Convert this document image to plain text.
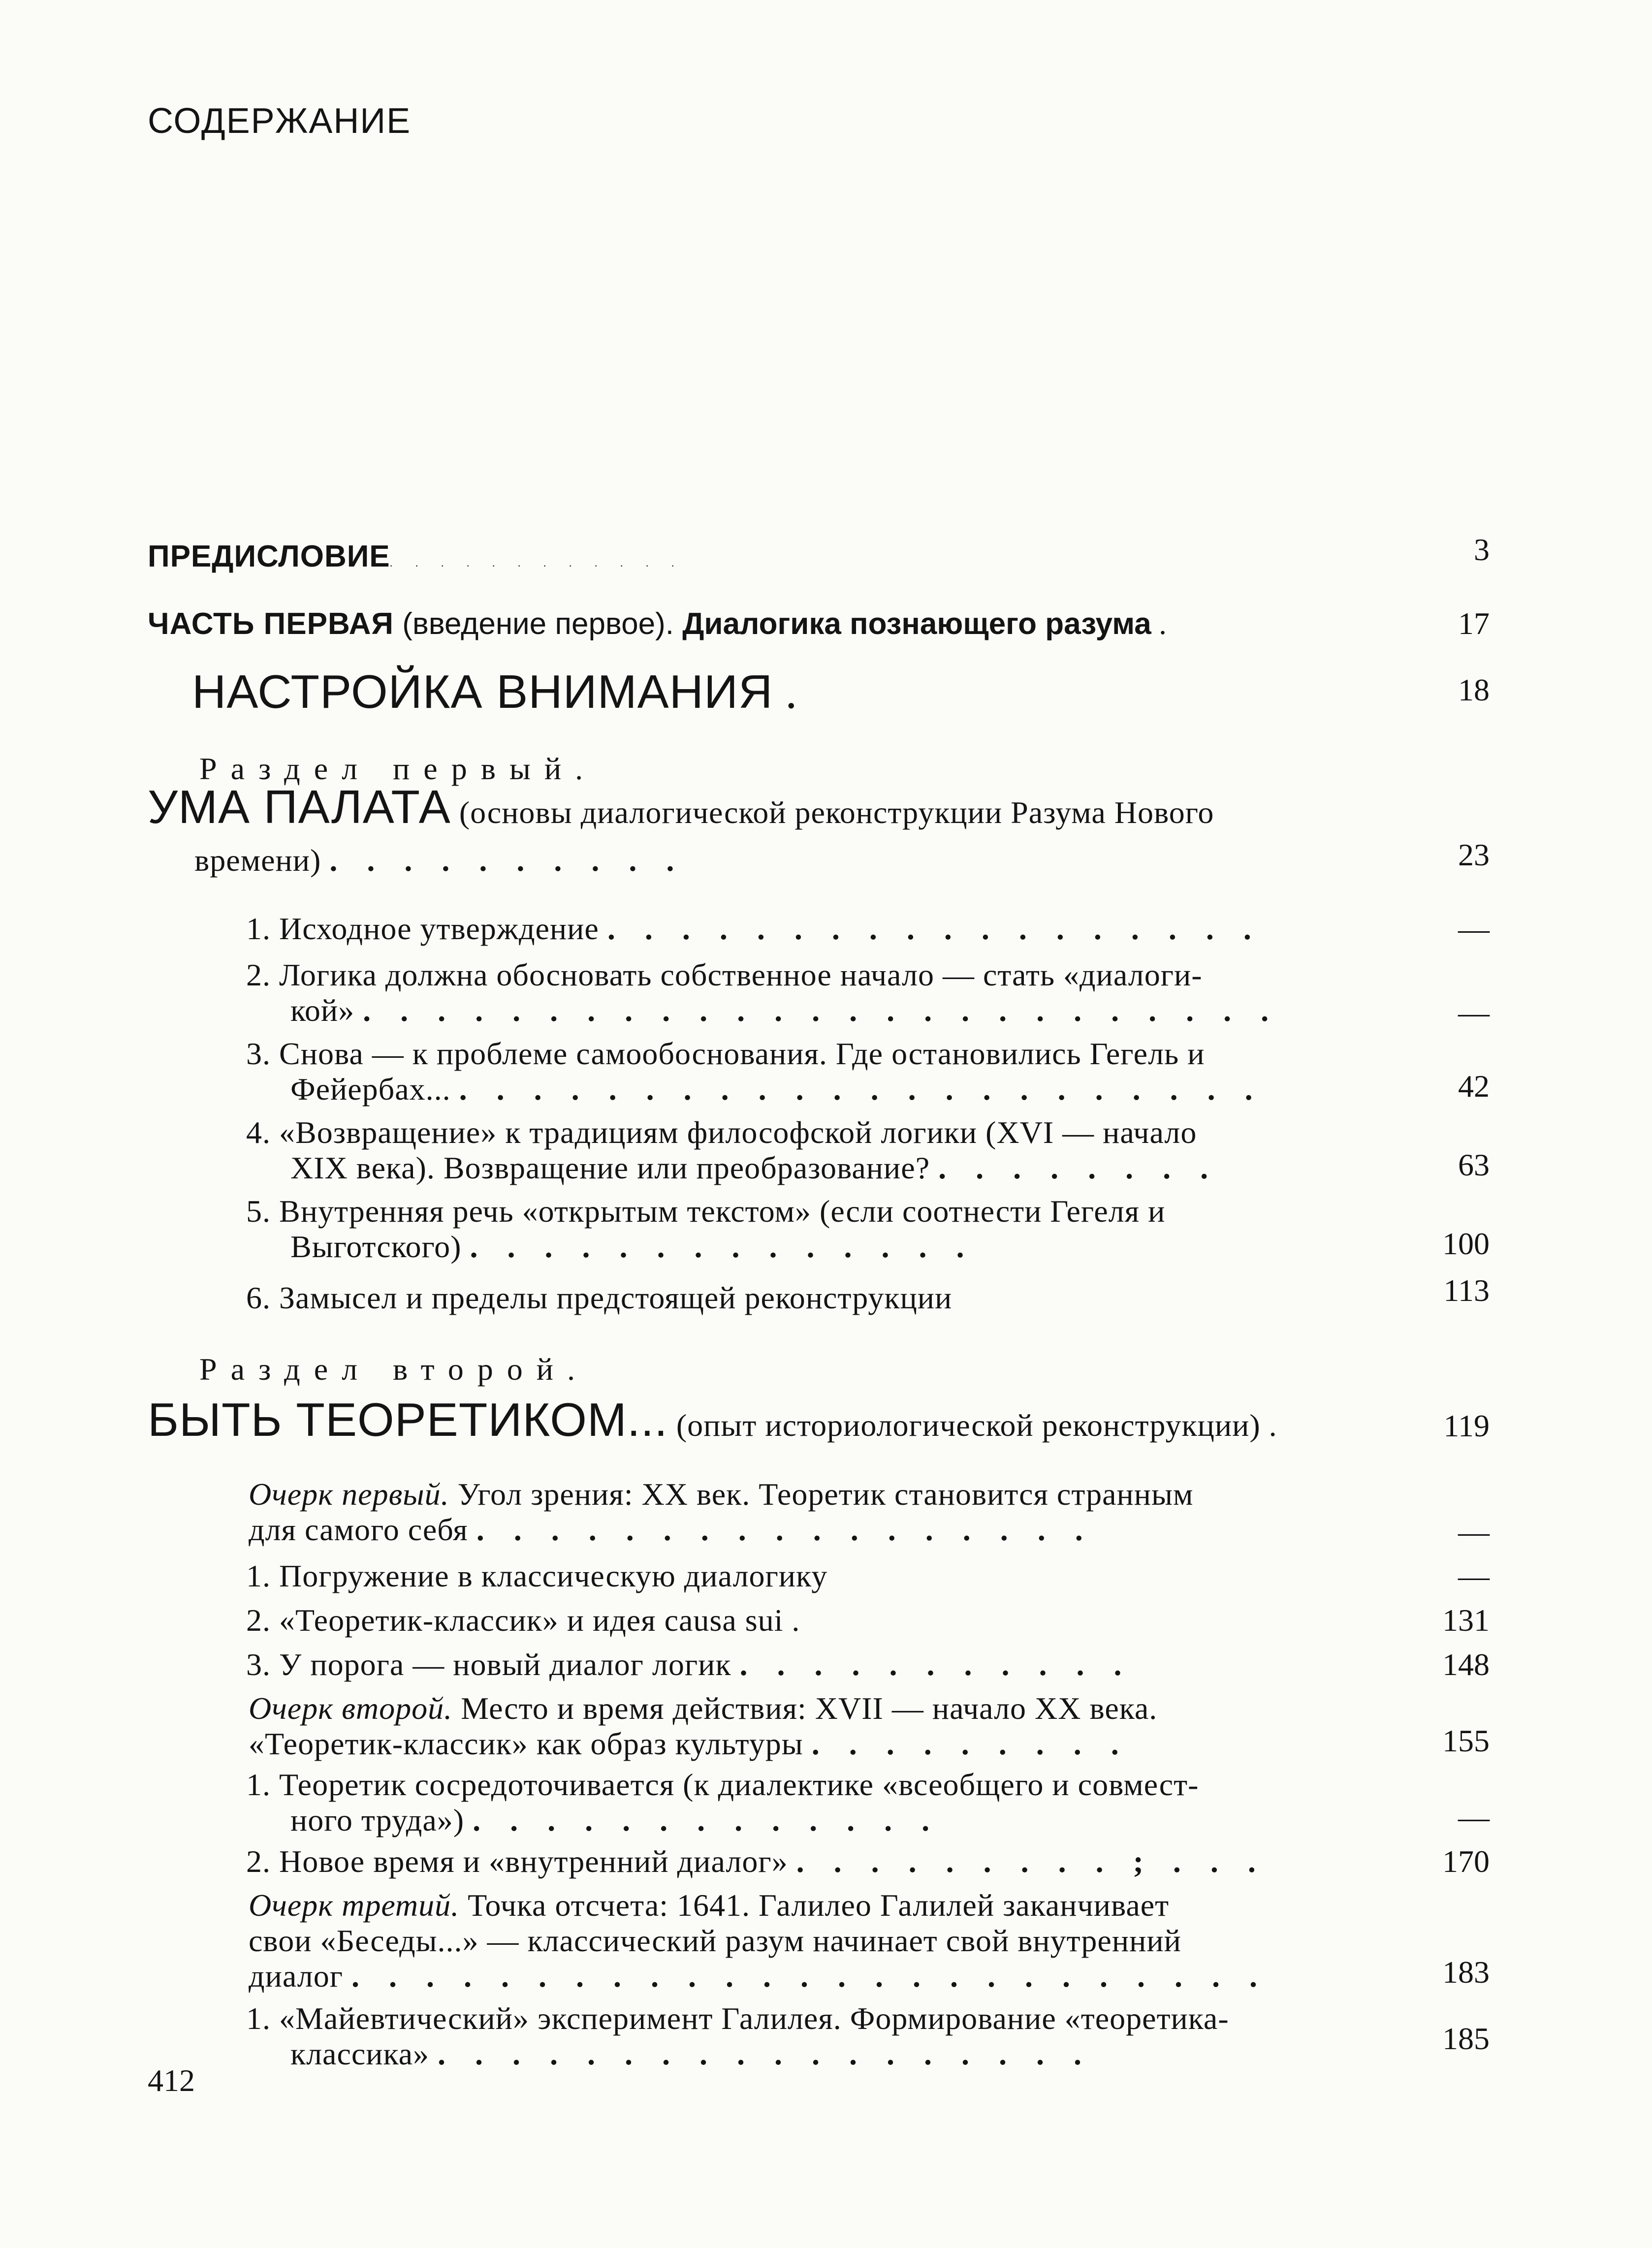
СОДЕРЖАНИЕ
ПРЕДИСЛОВИЕ. . . . . . . . . . . .	3

ЧАСТЬ ПЕРВАЯ (введение первое). Диалогика познающего разума .	17

НАСТРОЙКА ВНИМАНИЯ .	18

Раздел первый.
УМА ПАЛАТА (основы диалогической реконструкции Разума Нового
времени) . . . . . . . . . .	23

1. Исходное утверждение . . . . . . . . . . . . . . . . . .	—

2. Логика должна обосновать собственное начало — стать «диалоги-
кой» . . . . . . . . . . . . . . . . . . . . . . . . .	—

3. Снова — к проблеме самообоснования. Где остановились Гегель и
Фейербах... . . . . . . . . . . . . . . . . . . . . . .	42

4. «Возвращение» к традициям философской логики (XVI — начало
XIX века). Возвращение или преобразование? . . . . . . . .	63

5. Внутренняя речь «открытым текстом» (если соотнести Гегеля и
Выготского) . . . . . . . . . . . . . .	100

6. Замысел и пределы предстоящей реконструкции	113

Раздел второй.
БЫТЬ ТЕОРЕТИКОМ... (опыт историологической реконструкции) .	119

Очерк первый. Угол зрения: XX век. Теоретик становится странным
для самого себя . . . . . . . . . . . . . . . . .	—

1. Погружение в классическую диалогику	—

2. «Теоретик-классик» и идея causa sui .	131

3. У порога — новый диалог логик . . . . . . . . . . .	148

Очерк второй. Место и время действия: XVII — начало XX века.
«Теоретик-классик» как образ культуры . . . . . . . . .	155

1. Теоретик сосредоточивается (к диалектике «всеобщего и совмест-
ного труда») . . . . . . . . . . . . .	—

2. Новое время и «внутренний диалог» . . . . . . . . . ; . . .	170

Очерк третий. Точка отсчета: 1641. Галилео Галилей заканчивает
свои «Беседы...» — классический разум начинает свой внутренний
диалог . . . . . . . . . . . . . . . . . . . . . . . . .	183

1. «Майевтический» эксперимент Галилея. Формирование «теоретика-
классика» . . . . . . . . . . . . . . . . . .	185

412
